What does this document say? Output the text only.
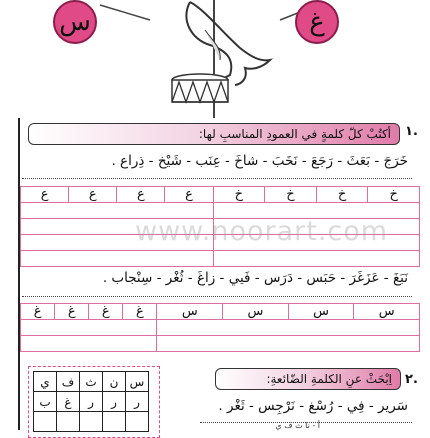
س	غ
١.
أكتُبْ كلّ كلمةٍ في العمودِ المناسبِ لها:
خَرَجَ - بَعَثَ - رَجَعَ - نَخَبَ - شاخَ - عِنَب - شَيْخ - ذِراع .
خ	خ	خ	خ	ع	ع	ع	ع

www.noorart.com
نَبَغَ - عَزَغَرَ - حَبَس - دَرَس - فَيي - زاغَ - ثُغْر - سِنْجاب .
س	س	س	س	غ	غ	غ	غ

س	ن	ث	ف	ي
ر	ر	ر	غ	ب

٢.
اِبْحَثْ عنِ الكلمةِ الضّائعةِ:
سَرير - فِي - رُسْغ - نَرْجِس - ثَغْر .
أ - نا ث ف ي
